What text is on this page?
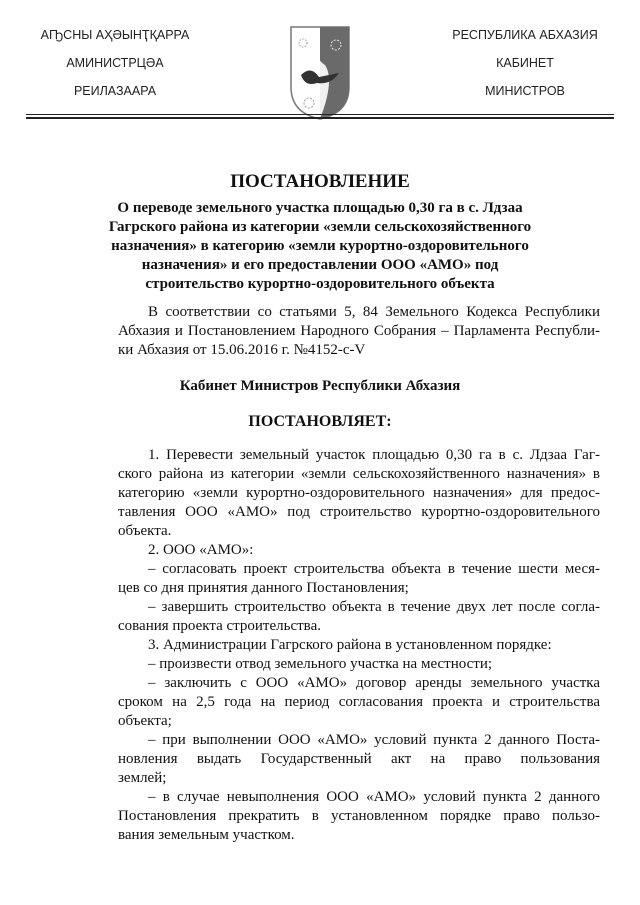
АҦСНЫ АҲӘЫНҬҚАРРА
АМИНИСТРЦӘА
РЕИЛАЗААРА
РЕСПУБЛИКА АБХАЗИЯ
КАБИНЕТ
МИНИСТРОВ
ПОСТАНОВЛЕНИЕ
О переводе земельного участка площадью 0,30 га в с. Лдзаа
Гагрского района из категории «земли сельскохозяйственного
назначения» в категорию «земли курортно-оздоровительного
назначения» и его предоставлении ООО «АМО» под
строительство курортно-оздоровительного объекта
В соответствии со статьями 5, 84 Земельного Кодекса Республики
Абхазия и Постановлением Народного Собрания – Парламента Республи-
ки Абхазия от 15.06.2016 г. №4152-с-V
Кабинет Министров Республики Абхазия
ПОСТАНОВЛЯЕТ:
1. Перевести земельный участок площадью 0,30 га в с. Лдзаа Гаг-
ского района из категории «земли сельскохозяйственного назначения» в
категорию «земли курортно-оздоровительного назначения» для предос-
тавления ООО «АМО» под строительство курортно-оздоровительного
объекта.
2. ООО «АМО»:
– согласовать проект строительства объекта в течение шести меся-
цев со дня принятия данного Постановления;
– завершить строительство объекта в течение двух лет после согла-
сования проекта строительства.
3. Администрации Гагрского района в установленном порядке:
– произвести отвод земельного участка на местности;
– заключить с ООО «АМО» договор аренды земельного участка
сроком на 2,5 года на период согласования проекта и строительства
объекта;
– при выполнении ООО «АМО» условий пункта 2 данного Поста-
новления выдать Государственный акт на право пользования
землей;
– в случае невыполнения ООО «АМО» условий пункта 2 данного
Постановления прекратить в установленном порядке право пользо-
вания земельным участком.
